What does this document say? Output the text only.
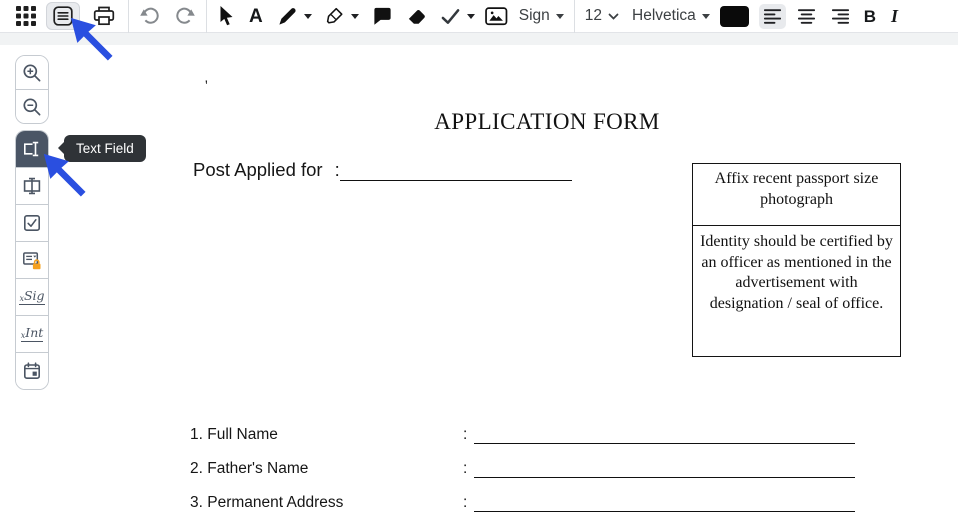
A	Sign 12 Helvetica	B I
'
APPLICATION FORM
Post Applied for :	Affix recent passport size photograph
Identity should be certified by an officer as mentioned in the advertisement with designation / seal of office.
1. Full Name	:
2. Father's Name	:
3. Permanent Address	:
xSig
xInt
Text Field
